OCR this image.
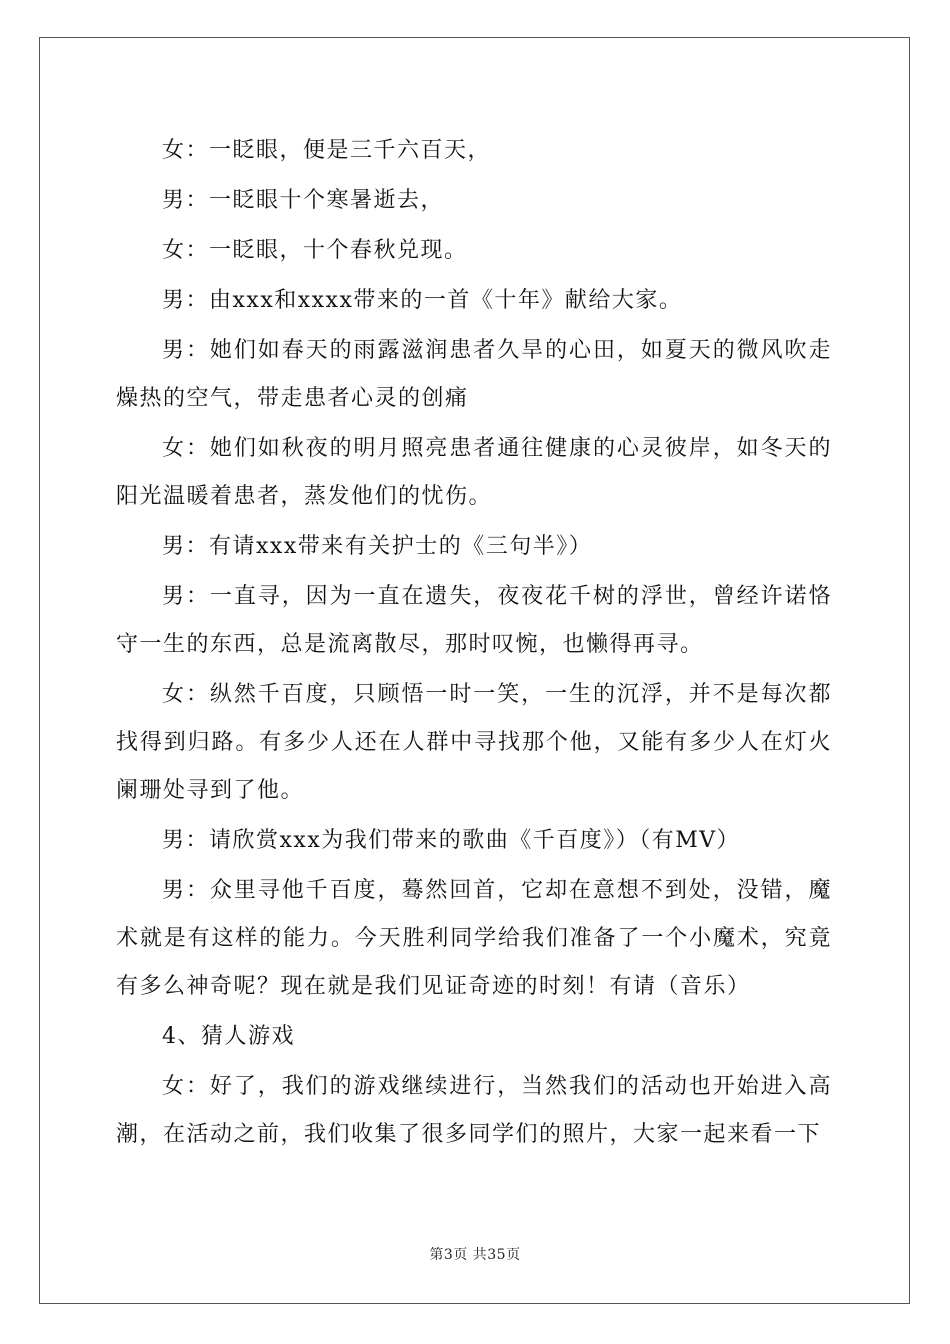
女：一眨眼，便是三千六百天，

男：一眨眼十个寒暑逝去，

女：一眨眼，十个春秋兑现。

男：由xxx和xxxx带来的一首《十年》献给大家。

男：她们如春天的雨露滋润患者久旱的心田，如夏天的微风吹走燥热的空气，带走患者心灵的创痛

女：她们如秋夜的明月照亮患者通往健康的心灵彼岸，如冬天的阳光温暖着患者，蒸发他们的忧伤。

男：有请xxx带来有关护士的《三句半》）

男：一直寻，因为一直在遗失，夜夜花千树的浮世，曾经许诺恪守一生的东西，总是流离散尽，那时叹惋，也懒得再寻。

女：纵然千百度，只顾悟一时一笑，一生的沉浮，并不是每次都找得到归路。有多少人还在人群中寻找那个他，又能有多少人在灯火阑珊处寻到了他。

男：请欣赏xxx为我们带来的歌曲《千百度》）（有MV）

男：众里寻他千百度，蓦然回首，它却在意想不到处，没错，魔术就是有这样的能力。今天胜利同学给我们准备了一个小魔术，究竟有多么神奇呢？现在就是我们见证奇迹的时刻！有请（音乐）

4、猜人游戏

女：好了，我们的游戏继续进行，当然我们的活动也开始进入高潮，在活动之前，我们收集了很多同学们的照片，大家一起来看一下

第3页 共35页
